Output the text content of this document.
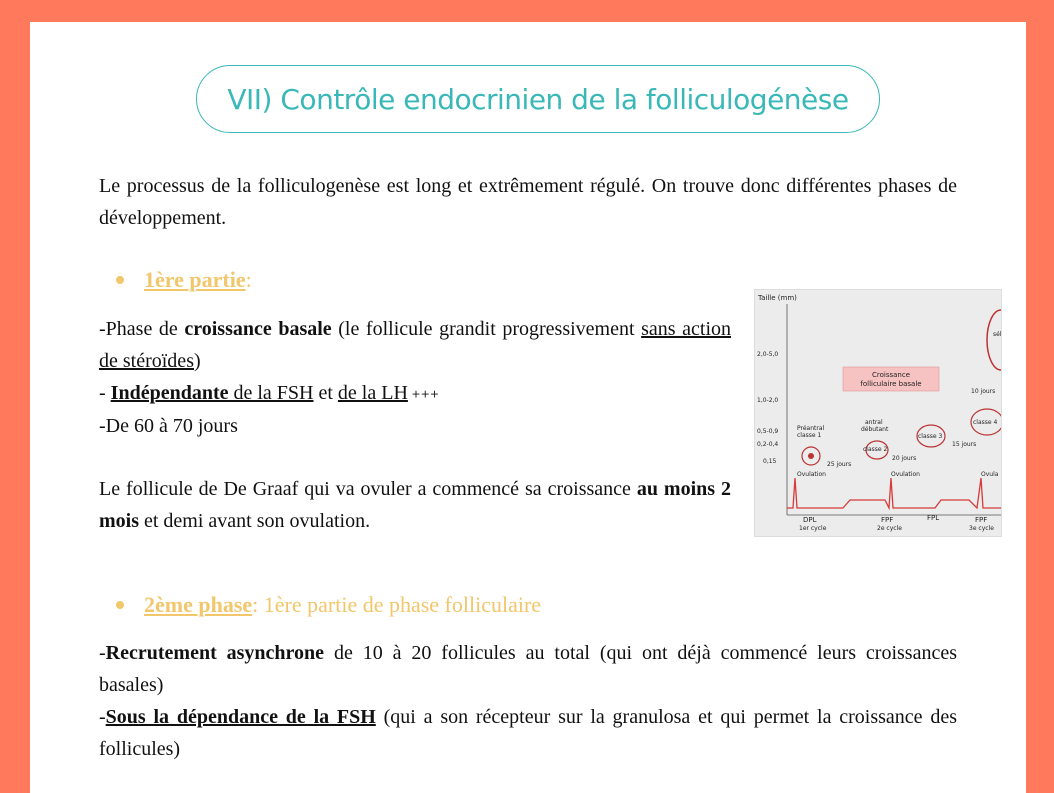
VII) Contrôle endocrinien de la folliculogénèse

Le processus de la folliculogenèse est long et extrêmement régulé. On trouve donc différentes phases de développement.

1ère partie :
-Phase de croissance basale (le follicule grandit progressivement sans action de stéroïdes)
- Indépendante de la FSH et de la LH +++
-De 60 à 70 jours

Le follicule de De Graaf qui va ovuler a commencé sa croissance au moins 2 mois et demi avant son ovulation.

Taille (mm)
2,0-5,0
1,0-2,0
0,5-0,9
0,2-0,4
0,15
Croissance
folliculaire basale
Préantral
classe 1
antral
débutant
classe 2
classe 3
classe 4
sél
25 jours
20 jours
15 jours
10 jours
Ovulation	Ovulation	Ovula
DPL
1er cycle
FPF
2e cycle
FPL	FPF
3e cycle
2ème phase : 1ère partie de phase folliculaire
-Recrutement asynchrone de 10 à 20 follicules au total (qui ont déjà commencé leurs croissances basales)
-Sous la dépendance de la FSH (qui a son récepteur sur la granulosa et qui permet la croissance des follicules)
